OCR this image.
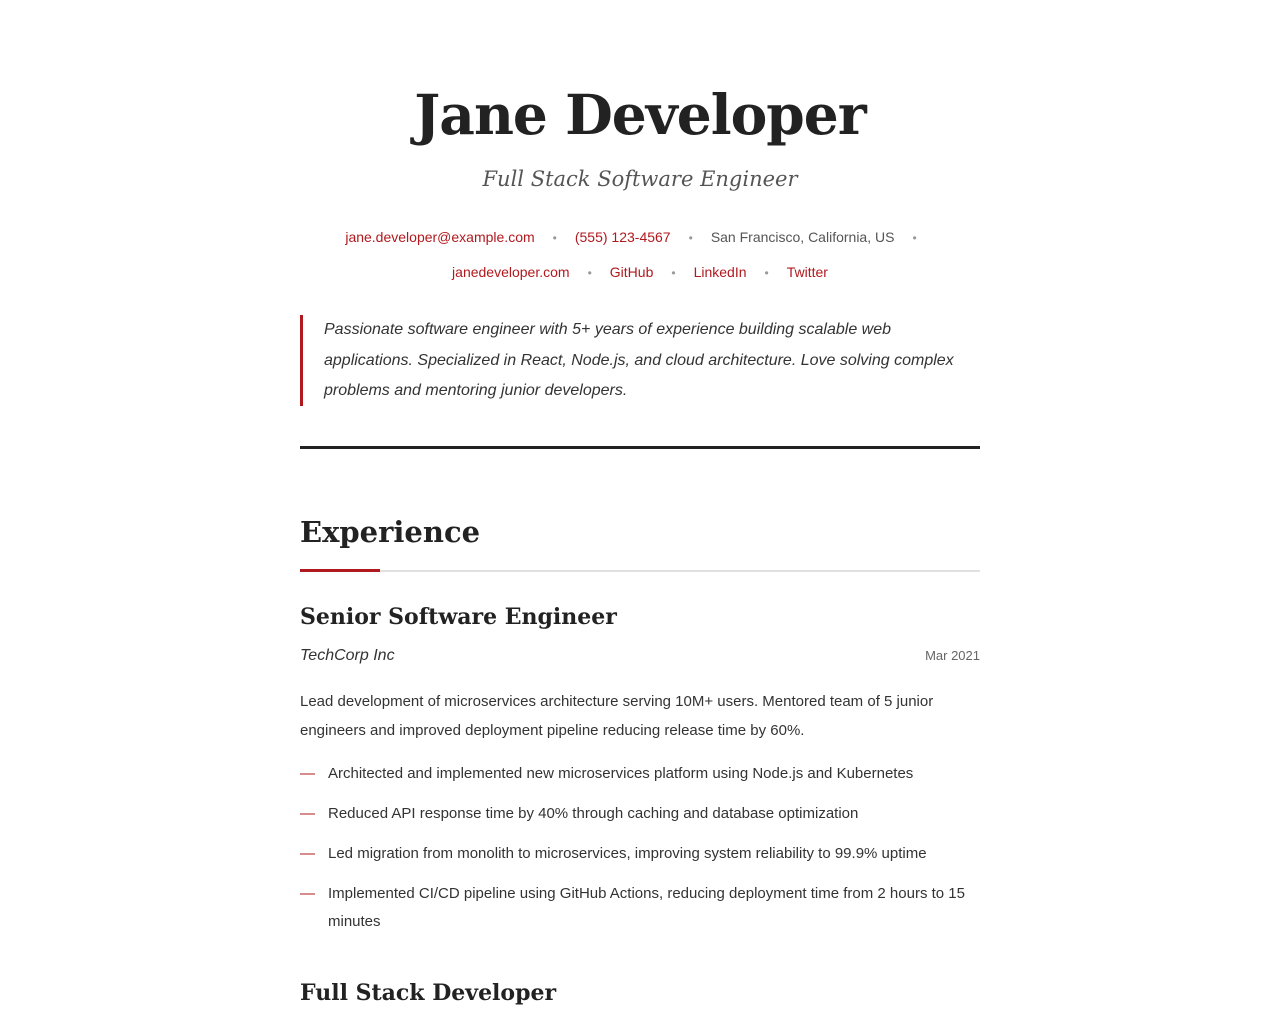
Jane Developer
Full Stack Software Engineer
jane.developer@example.com • (555) 123-4567 • San Francisco, California, US •
janedeveloper.com • GitHub • LinkedIn • Twitter
Passionate software engineer with 5+ years of experience building scalable web applications. Specialized in React, Node.js, and cloud architecture. Love solving complex problems and mentoring junior developers.
Experience
Senior Software Engineer
TechCorp Inc	Mar 2021
Lead development of microservices architecture serving 10M+ users. Mentored team of 5 junior engineers and improved deployment pipeline reducing release time by 60%.
— Architected and implemented new microservices platform using Node.js and Kubernetes
— Reduced API response time by 40% through caching and database optimization
— Led migration from monolith to microservices, improving system reliability to 99.9% uptime
— Implemented CI/CD pipeline using GitHub Actions, reducing deployment time from 2 hours to 15 minutes
Full Stack Developer
